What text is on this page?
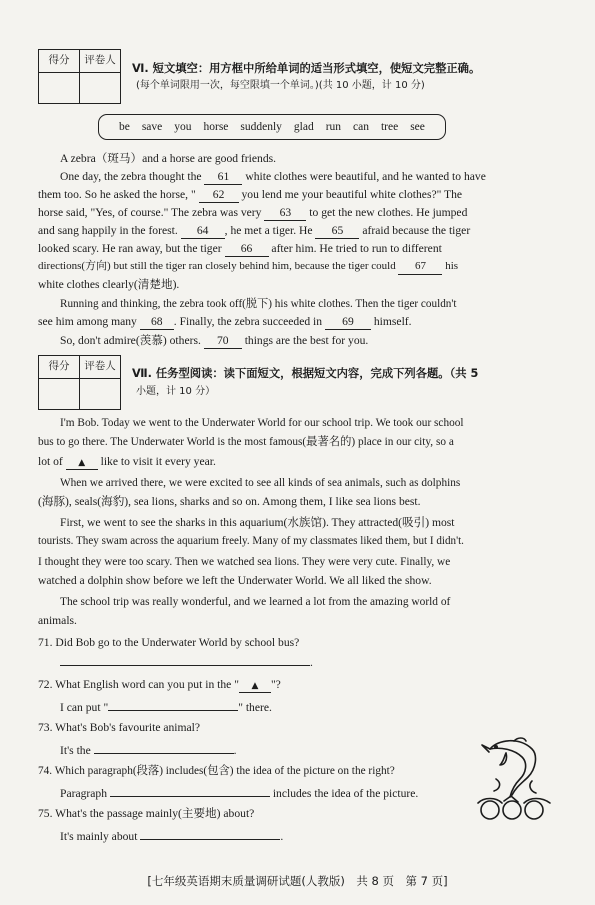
得分	评卷人

Ⅵ. 短文填空：用方框中所给单词的适当形式填空，使短文完整正确。
(每个单词限用一次，每空限填一个单词。)(共 10 小题，计 10 分)
be save you horse suddenly glad run can tree see
A zebra（斑马）and a horse are good friends.
One day, the zebra thought the 61 white clothes were beautiful, and he wanted to have
them too. So he asked the horse, " 62 you lend me your beautiful white clothes?" The
horse said, "Yes, of course." The zebra was very 63 to get the new clothes. He jumped
and sang happily in the forest. 64 , he met a tiger. He 65 afraid because the tiger
looked scary. He ran away, but the tiger 66 after him. He tried to run to different
directions(方向) but still the tiger ran closely behind him, because the tiger could 67 his
white clothes clearly(清楚地).
Running and thinking, the zebra took off(脱下) his white clothes. Then the tiger couldn't
see him among many 68 . Finally, the zebra succeeded in 69 himself.
So, don't admire(羡慕) others. 70 things are the best for you.
得分	评卷人

Ⅶ. 任务型阅读：读下面短文，根据短文内容，完成下列各题。（共 5
小题，计 10 分）
I'm Bob. Today we went to the Underwater World for our school trip. We took our school
bus to go there. The Underwater World is the most famous(最著名的) place in our city, so a
lot of ▲ like to visit it every year.
When we arrived there, we were excited to see all kinds of sea animals, such as dolphins
(海豚), seals(海豹), sea lions, sharks and so on. Among them, I like sea lions best.
First, we went to see the sharks in this aquarium(水族馆). They attracted(吸引) most
tourists. They swam across the aquarium freely. Many of my classmates liked them, but I didn't.
I thought they were too scary. Then we watched sea lions. They were very cute. Finally, we
watched a dolphin show before we left the Underwater World. We all liked the show.
The school trip was really wonderful, and we learned a lot from the amazing world of
animals.
71. Did Bob go to the Underwater World by school bus?
.
72. What English word can you put in the " ▲ "?
I can put "	" there.
73. What's Bob's favourite animal?
It's the	.
74. Which paragraph(段落) includes(包含) the idea of the picture on the right?
Paragraph	includes the idea of the picture.
75. What's the passage mainly(主要地) about?
It's mainly about	.
[七年级英语期末质量调研试题(人教版)　共 8 页　第 7 页]
